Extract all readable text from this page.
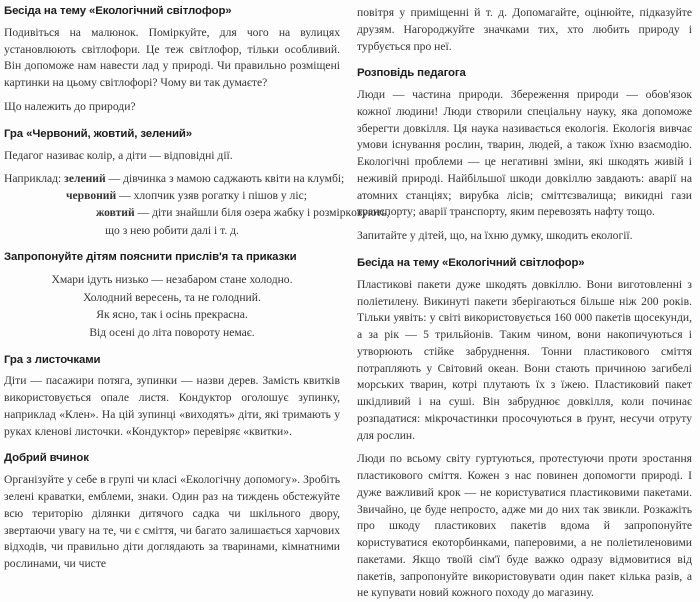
Бесіда на тему «Екологічний світлофор»

Подивіться на малюнок. Поміркуйте, для чого на вулицях установлюють світлофори. Це теж світлофор, тільки особливий. Він допоможе нам навести лад у природі. Чи правильно розміщені картинки на цьому світлофорі? Чому ви так думаєте?

Що належить до природи?

Гра «Червоний, жовтий, зелений»

Педагог називає колір, а діти — відповідні дії.

Наприклад: зелений — дівчинка з мамою саджають квіти на клумбі;
червоний — хлопчик узяв рогатку і пішов у ліс;
жовтий — діти знайшли біля озера жабку і розміркoвують,
що з нею робити далі і т. д.
Запропонуйте дітям пояснити прислів'я та приказки
Хмари ідуть низько — незабаром стане холодно.
Холодний вересень, та не голодний.
Як ясно, так і осінь прекрасна.
Від осені до літа повороту немає.
Гра з листочками

Діти — пасажири потяга, зупинки — назви дерев. Замість квитків використовується опале листя. Кондуктор оголошує зупинку, наприклад «Клен». На цій зупинці «виходять» діти, які тримають у руках кленові листочки. «Кондуктор» перевіряє «квитки».

Добрий вчинок

Організуйте у себе в групі чи класі «Екологічну допомогу». Зробіть зелені краватки, емблеми, знаки. Один раз на тиждень обстежуйте всю територію ділянки дитячого садка чи шкільного двору, звертаючи увагу на те, чи є сміття, чи багато залишається харчових відходів, чи правильно діти доглядають за тваринами, кімнатними рослинами, чи чисте

повітря у приміщенні й т. д. Допомагайте, оцінюйте, підказуйте друзям. Нагороджуйте значками тих, хто любить природу і турбується про неї.

Розповідь педагога

Люди — частина природи. Збереження природи — обов'язок кожної людини! Люди створили спеціальну науку, яка допоможе зберегти довкілля. Ця наука називається екологія. Екологія вивчає умови існування рослин, тварин, людей, а також їхню взаємодію. Екологічні проблеми — це негативні зміни, які шкодять живій і неживій природі. Найбільшої шкоди довкіллю завдають: аварії на атомних станціях; вирубка лісів; сміттєзвалища; викидні гази транспорту; аварії транспорту, яким перевозять нафту тощо.

Запитайте у дітей, що, на їхню думку, шкодить екології.

Бесіда на тему «Екологічний світлофор»

Пластикові пакети дуже шкодять довкіллю. Вони виготовленні з поліетилену. Викинуті пакети зберігаються більше ніж 200 років. Тільки уявіть: у світі використовується 160 000 пакетів щосекунди, а за рік — 5 трильйонів. Таким чином, вони накопичуються і утворюють стійке забруднення. Тонни пластикового сміття потрапляють у Світовий океан. Вони стають причиною загибелі морських тварин, котрі плутають їх з їжею. Пластиковий пакет шкідливий і на суші. Він забруднює довкілля, коли починає розпадатися: мікрочастинки просочуються в ґрунт, несучи отруту для рослин.

Люди по всьому світу гуртуються, протестуючи проти зростання пластикового сміття. Кожен з нас повинен допомогти природі. І дуже важливий крок — не користуватися пластиковими пакетами. Звичайно, це буде непросто, адже ми до них так звикли. Розкажіть про шкоду пластикових пакетів вдома й запропонуйте користуватися екоторбинками, паперовими, а не поліетиленовими пакетами. Якщо твоїй сім'ї буде важко одразу відмовитися від пакетів, запропонуйте використовувати один пакет кілька разів, а не купувати новий кожного походу до магазину.
